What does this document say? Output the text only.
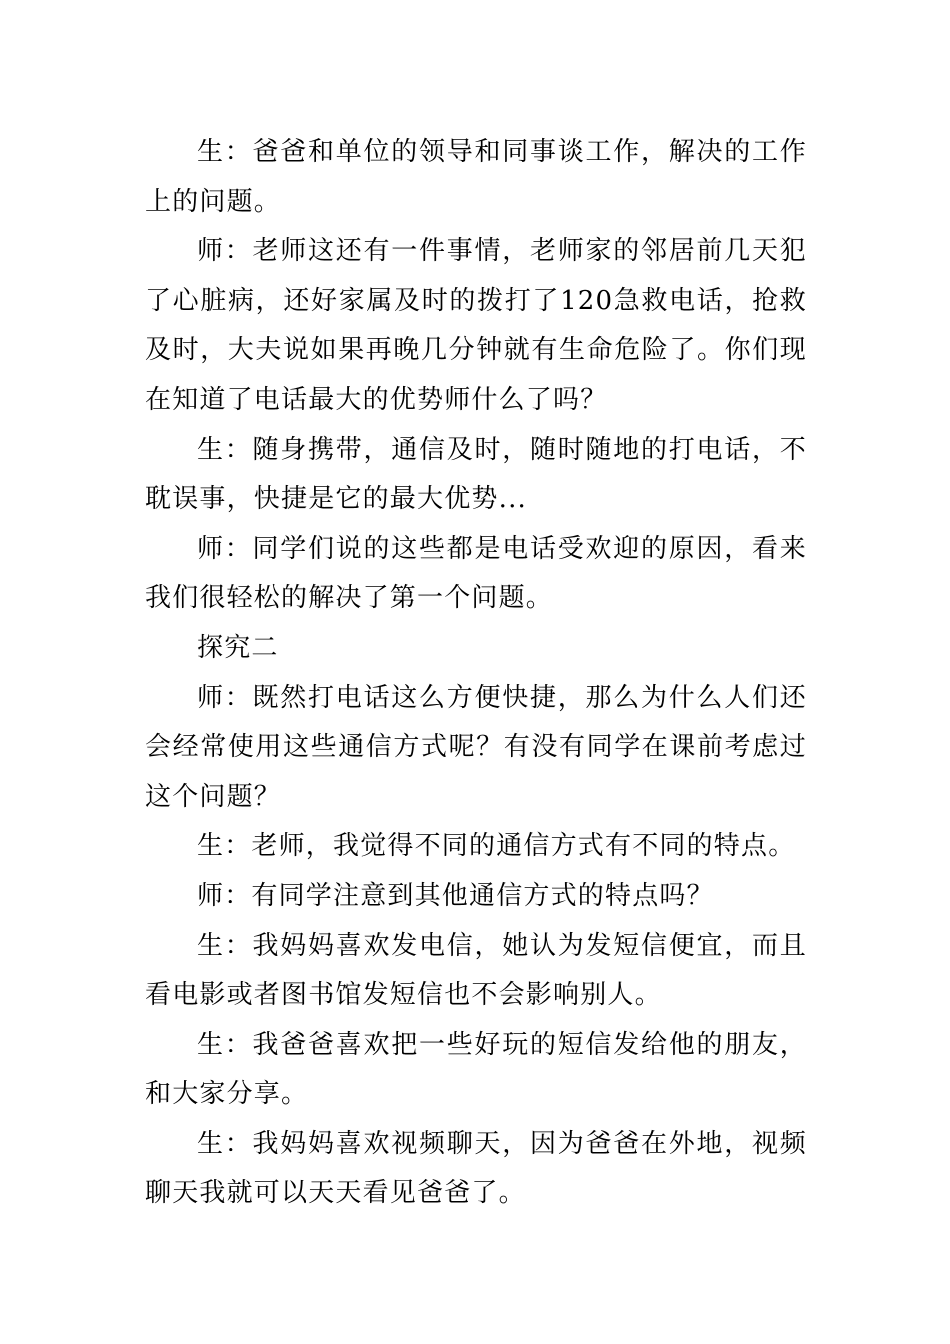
生：爸爸和单位的领导和同事谈工作，解决的工作上的问题。

师：老师这还有一件事情，老师家的邻居前几天犯了心脏病，还好家属及时的拨打了120急救电话，抢救及时，大夫说如果再晚几分钟就有生命危险了。你们现在知道了电话最大的优势师什么了吗？

生：随身携带，通信及时，随时随地的打电话，不耽误事，快捷是它的最大优势...

师：同学们说的这些都是电话受欢迎的原因，看来我们很轻松的解决了第一个问题。

探究二

师：既然打电话这么方便快捷，那么为什么人们还会经常使用这些通信方式呢？有没有同学在课前考虑过这个问题？

生：老师，我觉得不同的通信方式有不同的特点。

师：有同学注意到其他通信方式的特点吗？

生：我妈妈喜欢发电信，她认为发短信便宜，而且看电影或者图书馆发短信也不会影响别人。

生：我爸爸喜欢把一些好玩的短信发给他的朋友，和大家分享。

生：我妈妈喜欢视频聊天，因为爸爸在外地，视频聊天我就可以天天看见爸爸了。
